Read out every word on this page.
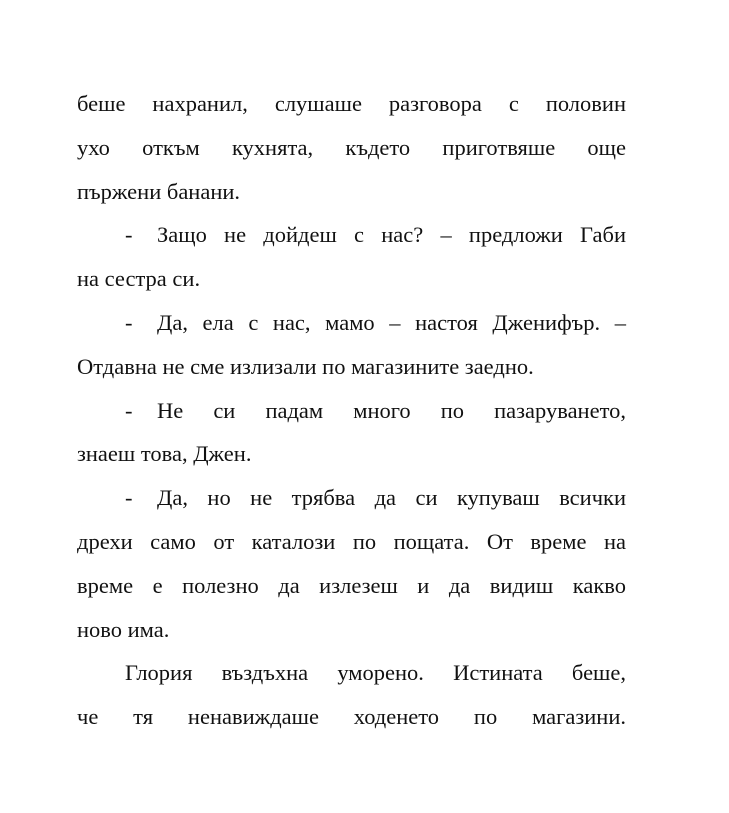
беше нахранил, слушаше разговора с половин
ухо откъм кухнята, където приготвяше още
пържени банани.
-	Защо не дойдеш с нас? – предложи Габи
на сестра си.
-	Да, ела с нас, мамо – настоя Дженифър. –
Отдавна не сме излизали по магазините заедно.
-	Не си падам много по пазаруването,
знаеш това, Джен.
-	Да, но не трябва да си купуваш всички
дрехи само от каталози по пощата. От време на
време е полезно да излезеш и да видиш какво
ново има.
Глория въздъхна уморено. Истината беше,
че тя ненавиждаше ходенето по магазини.
